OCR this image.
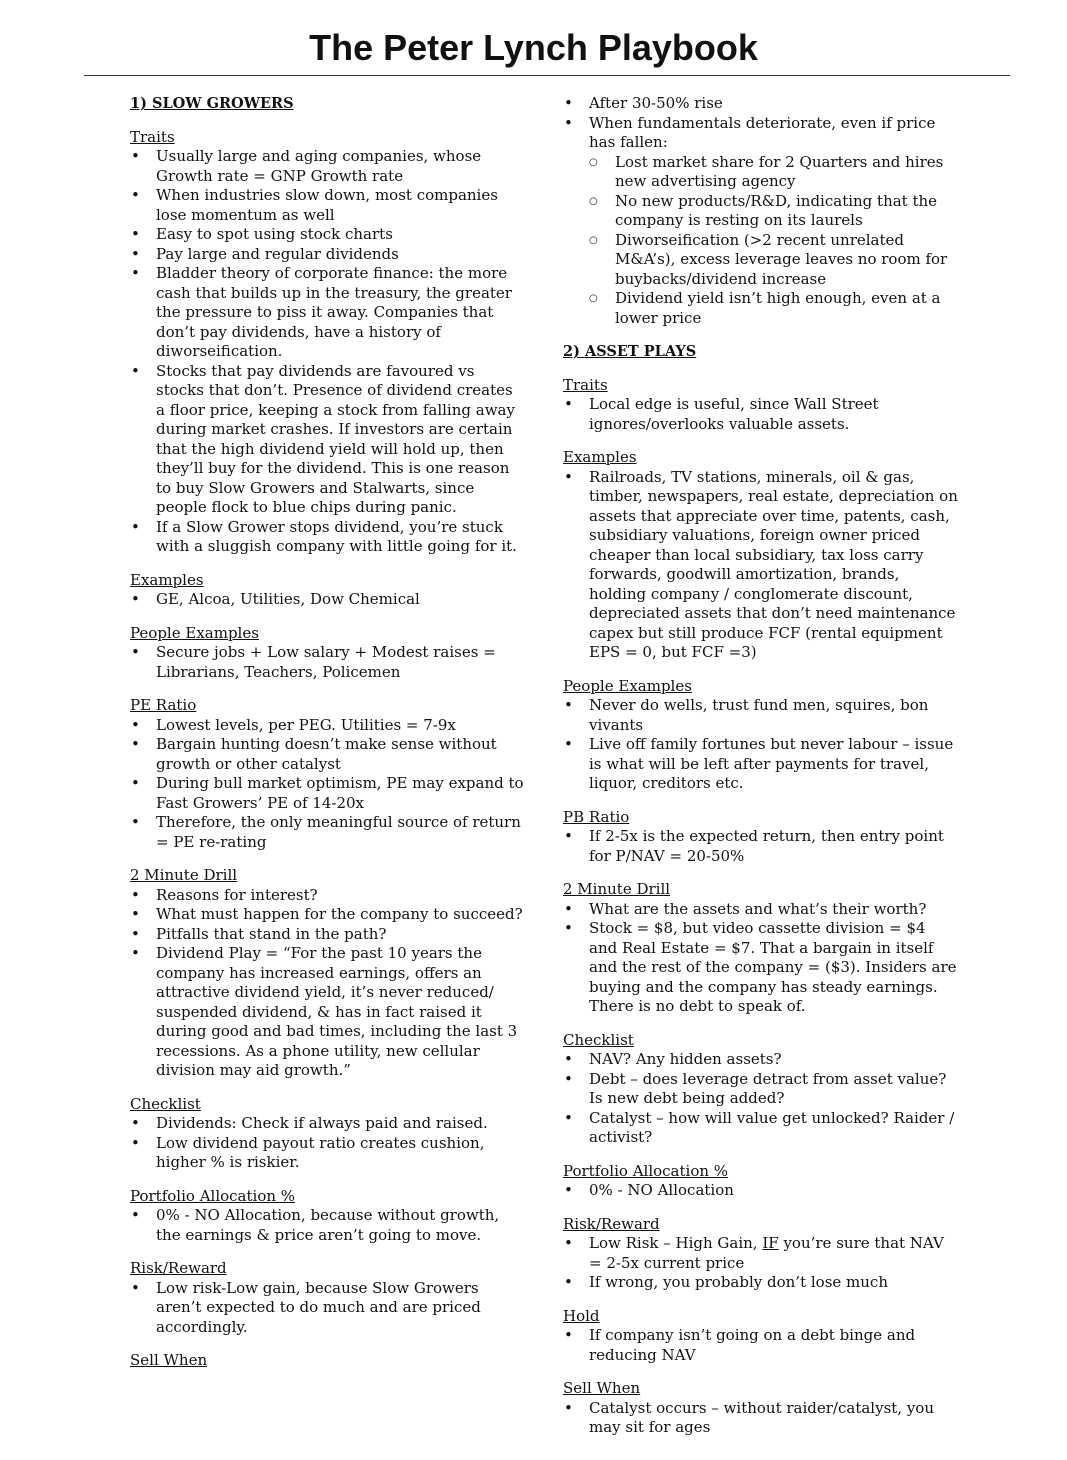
The Peter Lynch Playbook
1) SLOW GROWERS
Traits
• Usually large and aging companies, whose Growth rate = GNP Growth rate
• When industries slow down, most companies lose momentum as well
• Easy to spot using stock charts
• Pay large and regular dividends
• Bladder theory of corporate finance: the more cash that builds up in the treasury, the greater the pressure to piss it away. Companies that don’t pay dividends, have a history of diworseification.
• Stocks that pay dividends are favoured vs stocks that don’t. Presence of dividend creates a floor price, keeping a stock from falling away during market crashes. If investors are certain that the high dividend yield will hold up, then they’ll buy for the dividend. This is one reason to buy Slow Growers and Stalwarts, since people flock to blue chips during panic.
• If a Slow Grower stops dividend, you’re stuck with a sluggish company with little going for it.
Examples
• GE, Alcoa, Utilities, Dow Chemical
People Examples
• Secure jobs + Low salary + Modest raises = Librarians, Teachers, Policemen
PE Ratio
• Lowest levels, per PEG. Utilities = 7-9x
• Bargain hunting doesn’t make sense without growth or other catalyst
• During bull market optimism, PE may expand to Fast Growers’ PE of 14-20x
• Therefore, the only meaningful source of return = PE re-rating
2 Minute Drill
• Reasons for interest?
• What must happen for the company to succeed?
• Pitfalls that stand in the path?
• Dividend Play = “For the past 10 years the company has increased earnings, offers an attractive dividend yield, it’s never reduced/ suspended dividend, & has in fact raised it during good and bad times, including the last 3 recessions. As a phone utility, new cellular division may aid growth.”
Checklist
• Dividends: Check if always paid and raised.
• Low dividend payout ratio creates cushion, higher % is riskier.
Portfolio Allocation %
• 0% - NO Allocation, because without growth, the earnings & price aren’t going to move.
Risk/Reward
• Low risk-Low gain, because Slow Growers aren’t expected to do much and are priced accordingly.
Sell When
• After 30-50% rise
• When fundamentals deteriorate, even if price has fallen:
○ Lost market share for 2 Quarters and hires new advertising agency
○ No new products/R&D, indicating that the company is resting on its laurels
○ Diworseification (>2 recent unrelated M&A’s), excess leverage leaves no room for buybacks/dividend increase
○ Dividend yield isn’t high enough, even at a lower price
2) ASSET PLAYS
Traits
• Local edge is useful, since Wall Street ignores/overlooks valuable assets.
Examples
• Railroads, TV stations, minerals, oil & gas, timber, newspapers, real estate, depreciation on assets that appreciate over time, patents, cash, subsidiary valuations, foreign owner priced cheaper than local subsidiary, tax loss carry forwards, goodwill amortization, brands, holding company / conglomerate discount, depreciated assets that don’t need maintenance capex but still produce FCF (rental equipment EPS = 0, but FCF =3)
People Examples
• Never do wells, trust fund men, squires, bon vivants
• Live off family fortunes but never labour – issue is what will be left after payments for travel, liquor, creditors etc.
PB Ratio
• If 2-5x is the expected return, then entry point for P/NAV = 20-50%
2 Minute Drill
• What are the assets and what’s their worth?
• Stock = $8, but video cassette division = $4 and Real Estate = $7. That a bargain in itself and the rest of the company = ($3). Insiders are buying and the company has steady earnings. There is no debt to speak of.
Checklist
• NAV? Any hidden assets?
• Debt – does leverage detract from asset value? Is new debt being added?
• Catalyst – how will value get unlocked? Raider / activist?
Portfolio Allocation %
• 0% - NO Allocation
Risk/Reward
• Low Risk – High Gain, IF you’re sure that NAV = 2-5x current price
• If wrong, you probably don’t lose much
Hold
• If company isn’t going on a debt binge and reducing NAV
Sell When
• Catalyst occurs – without raider/catalyst, you may sit for ages
